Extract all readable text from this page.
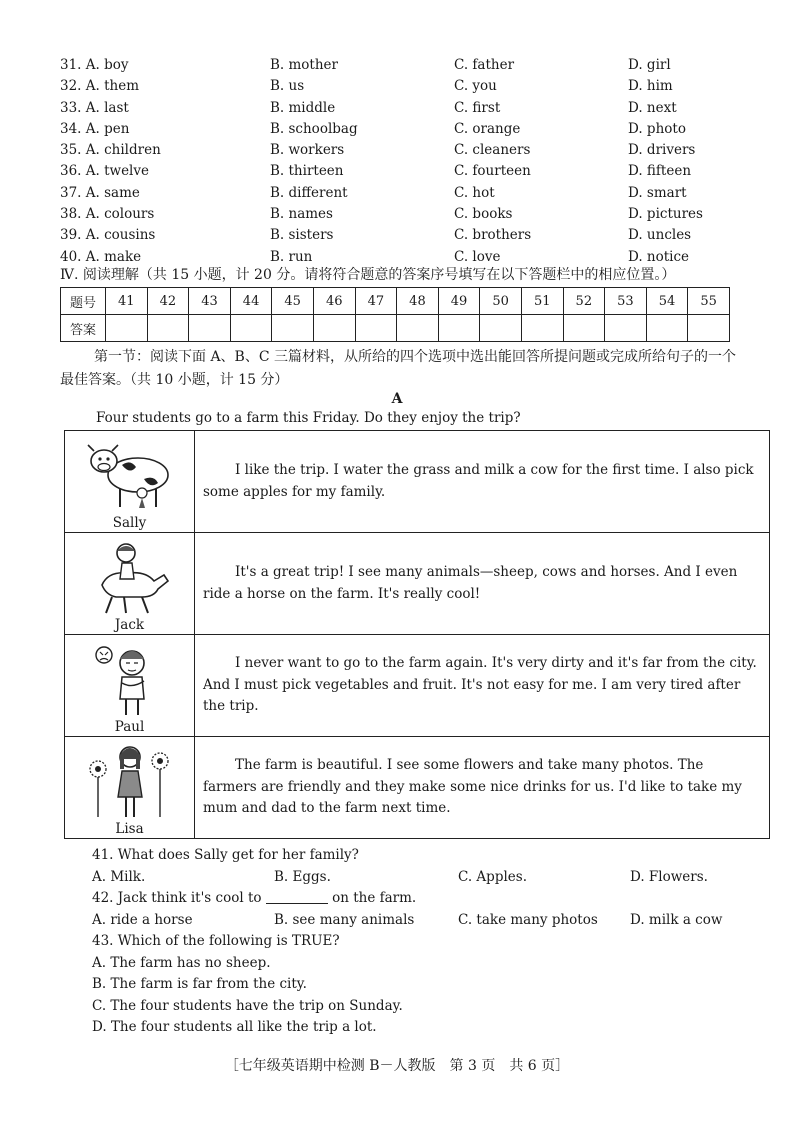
31. A. boy	B. mother	C. father	D. girl
32. A. them	B. us	C. you	D. him
33. A. last	B. middle	C. first	D. next
34. A. pen	B. schoolbag	C. orange	D. photo
35. A. children	B. workers	C. cleaners	D. drivers
36. A. twelve	B. thirteen	C. fourteen	D. fifteen
37. A. same	B. different	C. hot	D. smart
38. A. colours	B. names	C. books	D. pictures
39. A. cousins	B. sisters	C. brothers	D. uncles
40. A. make	B. run	C. love	D. notice
Ⅳ. 阅读理解（共 15 小题，计 20 分。请将符合题意的答案序号填写在以下答题栏中的相应位置。）
题号	41	42	43	44	45	46	47	48	49	50	51	52	53	54	55
答案															
第一节：阅读下面 A、B、C 三篇材料，从所给的四个选项中选出能回答所提问题或完成所给句子的一个最佳答案。（共 10 小题，计 15 分）
A
Four students go to a farm this Friday. Do they enjoy the trip?
Sally	I like the trip. I water the grass and milk a cow for the first time. I also pick some apples for my family.

Jack	It's a great trip! I see many animals—sheep, cows and horses. And I even ride a horse on the farm. It's really cool!

Paul	I never want to go to the farm again. It's very dirty and it's far from the city. And I must pick vegetables and fruit. It's not easy for me. I am very tired after the trip.

Lisa	The farm is beautiful. I see some flowers and take many photos. The farmers are friendly and they make some nice drinks for us. I'd like to take my mum and dad to the farm next time.
41. What does Sally get for her family?
A. Milk.	B. Eggs.	C. Apples.	D. Flowers.
42. Jack think it's cool to	on the farm.
A. ride a horse	B. see many animals	C. take many photos D. milk a cow
43. Which of the following is TRUE?
A. The farm has no sheep.
B. The farm is far from the city.
C. The four students have the trip on Sunday.
D. The four students all like the trip a lot.
［七年级英语期中检测 B－人教版　第 3 页　共 6 页］
